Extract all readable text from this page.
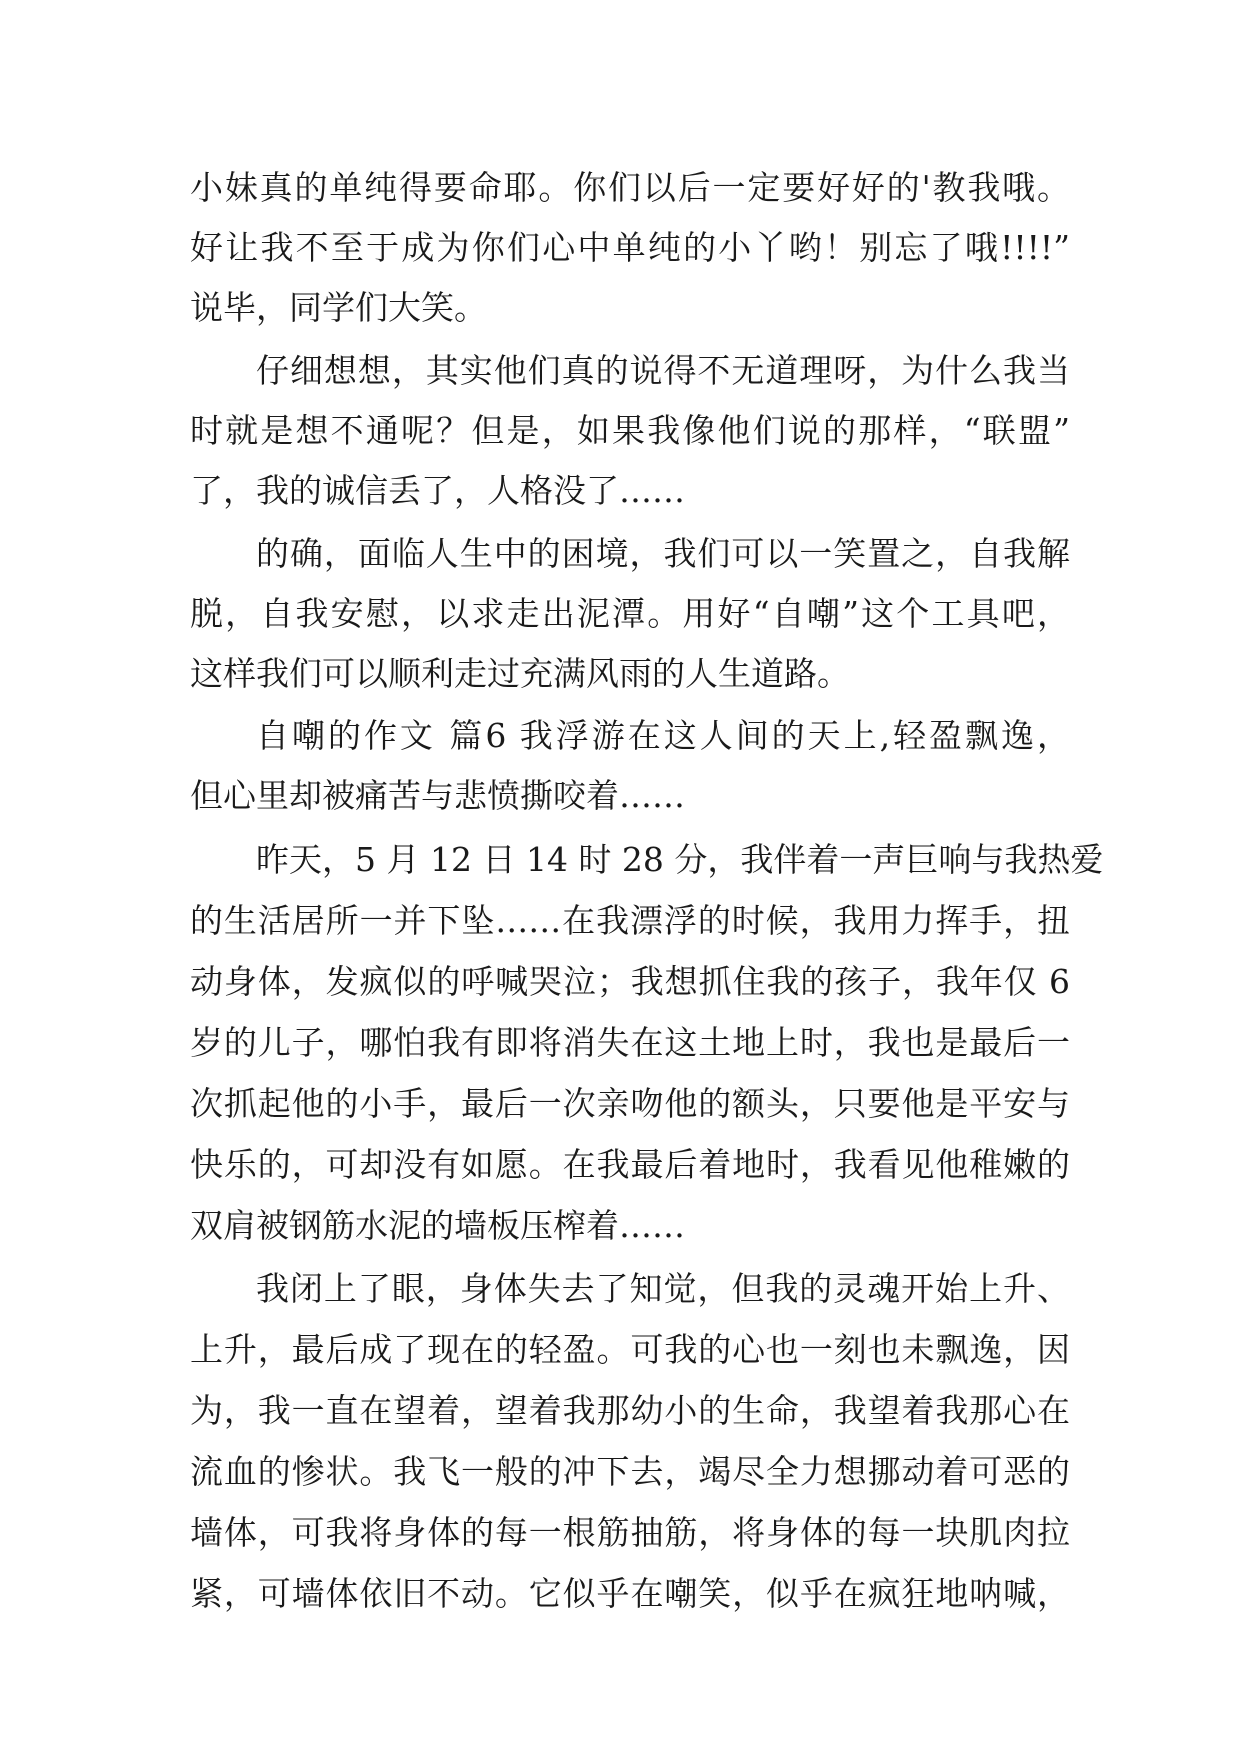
小妹真的单纯得要命耶。你们以后一定要好好的'教我哦。
好让我不至于成为你们心中单纯的小丫哟！别忘了哦!!!!”
说毕，同学们大笑。
仔细想想，其实他们真的说得不无道理呀，为什么我当
时就是想不通呢？但是，如果我像他们说的那样，“联盟”
了，我的诚信丢了，人格没了……
的确，面临人生中的困境，我们可以一笑置之，自我解
脱，自我安慰，以求走出泥潭。用好“自嘲”这个工具吧，
这样我们可以顺利走过充满风雨的人生道路。
自嘲的作文 篇6 我浮游在这人间的天上,轻盈飘逸，
但心里却被痛苦与悲愤撕咬着……
昨天，5 月 12 日 14 时 28 分，我伴着一声巨响与我热爱
的生活居所一并下坠……在我漂浮的时候，我用力挥手，扭
动身体，发疯似的呼喊哭泣；我想抓住我的孩子，我年仅 6
岁的儿子，哪怕我有即将消失在这土地上时，我也是最后一
次抓起他的小手，最后一次亲吻他的额头，只要他是平安与
快乐的，可却没有如愿。在我最后着地时，我看见他稚嫩的
双肩被钢筋水泥的墙板压榨着……
我闭上了眼，身体失去了知觉，但我的灵魂开始上升、
上升，最后成了现在的轻盈。可我的心也一刻也未飘逸，因
为，我一直在望着，望着我那幼小的生命，我望着我那心在
流血的惨状。我飞一般的冲下去，竭尽全力想挪动着可恶的
墙体，可我将身体的每一根筋抽筋，将身体的每一块肌肉拉
紧，可墙体依旧不动。它似乎在嘲笑，似乎在疯狂地呐喊，
